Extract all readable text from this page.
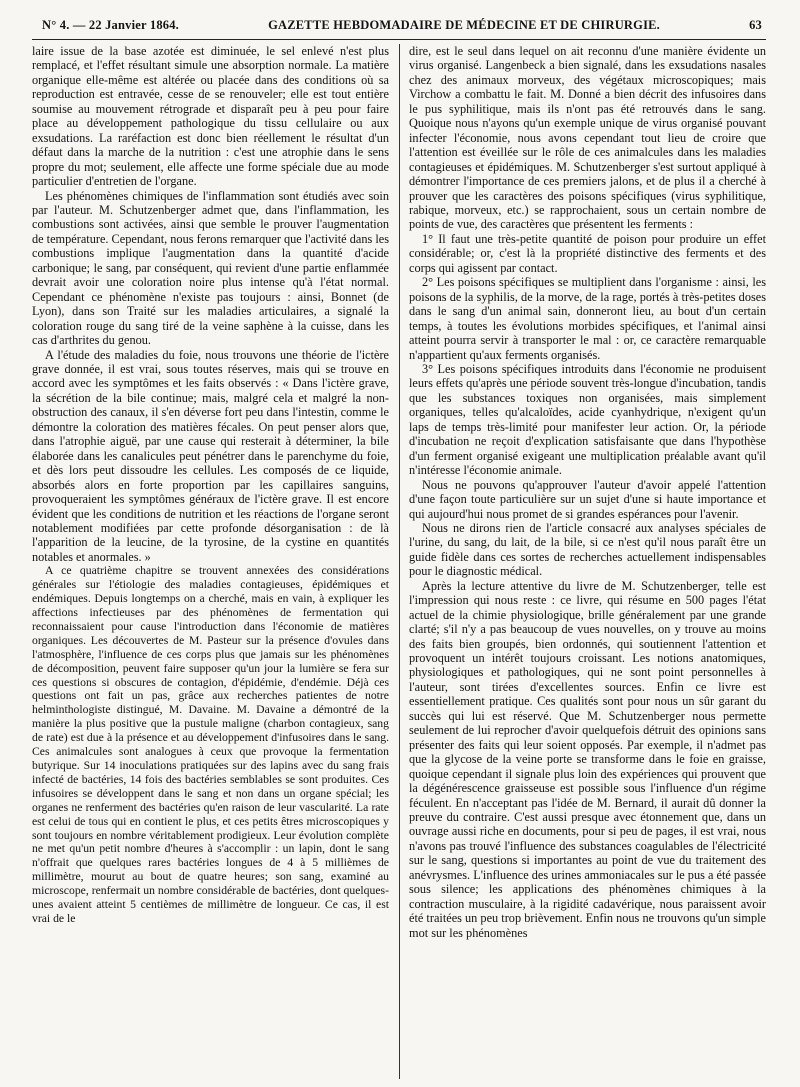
N° 4. — 22 Janvier 1864.	GAZETTE HEBDOMADAIRE DE MÉDECINE ET DE CHIRURGIE.	63

laire issue de la base azotée est diminuée, le sel enlevé n'est plus remplacé, et l'effet résultant simule une absorption normale. La matière organique elle-même est altérée ou placée dans des conditions où sa reproduction est entravée, cesse de se renouveler; elle est tout entière soumise au mouvement rétrograde et disparaît peu à peu pour faire place au développement pathologique du tissu cellulaire ou aux exsudations. La raréfaction est donc bien réellement le résultat d'un défaut dans la marche de la nutrition : c'est une atrophie dans le sens propre du mot; seulement, elle affecte une forme spéciale due au mode particulier d'entretien de l'organe.

Les phénomènes chimiques de l'inflammation sont étudiés avec soin par l'auteur. M. Schutzenberger admet que, dans l'inflammation, les combustions sont activées, ainsi que semble le prouver l'augmentation de température. Cependant, nous ferons remarquer que l'activité dans les combustions implique l'augmentation dans la quantité d'acide carbonique; le sang, par conséquent, qui revient d'une partie enflammée devrait avoir une coloration noire plus intense qu'à l'état normal. Cependant ce phénomène n'existe pas toujours : ainsi, Bonnet (de Lyon), dans son Traité sur les maladies articulaires, a signalé la coloration rouge du sang tiré de la veine saphène à la cuisse, dans les cas d'arthrites du genou.

A l'étude des maladies du foie, nous trouvons une théorie de l'ictère grave donnée, il est vrai, sous toutes réserves, mais qui se trouve en accord avec les symptômes et les faits observés : « Dans l'ictère grave, la sécrétion de la bile continue; mais, malgré cela et malgré la non-obstruction des canaux, il s'en déverse fort peu dans l'intestin, comme le démontre la coloration des matières fécales. On peut penser alors que, dans l'atrophie aiguë, par une cause qui resterait à déterminer, la bile élaborée dans les canalicules peut pénétrer dans le parenchyme du foie, et dès lors peut dissoudre les cellules. Les composés de ce liquide, absorbés alors en forte proportion par les capillaires sanguins, provoqueraient les symptômes généraux de l'ictère grave. Il est encore évident que les conditions de nutrition et les réactions de l'organe seront notablement modifiées par cette profonde désorganisation : de là l'apparition de la leucine, de la tyrosine, de la cystine en quantités notables et anormales. »

A ce quatrième chapitre se trouvent annexées des considérations générales sur l'étiologie des maladies contagieuses, épidémiques et endémiques. Depuis longtemps on a cherché, mais en vain, à expliquer les affections infectieuses par des phénomènes de fermentation qui reconnaissaient pour cause l'introduction dans l'économie de matières organiques. Les découvertes de M. Pasteur sur la présence d'ovules dans l'atmosphère, l'influence de ces corps plus que jamais sur les phénomènes de décomposition, peuvent faire supposer qu'un jour la lumière se fera sur ces questions si obscures de contagion, d'épidémie, d'endémie. Déjà ces questions ont fait un pas, grâce aux recherches patientes de notre helminthologiste distingué, M. Davaine. M. Davaine a démontré de la manière la plus positive que la pustule maligne (charbon contagieux, sang de rate) est due à la présence et au développement d'infusoires dans le sang. Ces animalcules sont analogues à ceux que provoque la fermentation butyrique. Sur 14 inoculations pratiquées sur des lapins avec du sang frais infecté de bactéries, 14 fois des bactéries semblables se sont produites. Ces infusoires se développent dans le sang et non dans un organe spécial; les organes ne renferment des bactéries qu'en raison de leur vascularité. La rate est celui de tous qui en contient le plus, et ces petits êtres microscopiques y sont toujours en nombre véritablement prodigieux. Leur évolution complète ne met qu'un petit nombre d'heures à s'accomplir : un lapin, dont le sang n'offrait que quelques rares bactéries longues de 4 à 5 millièmes de millimètre, mourut au bout de quatre heures; son sang, examiné au microscope, renfermait un nombre considérable de bactéries, dont quelques-unes avaient atteint 5 centièmes de millimètre de longueur. Ce cas, il est vrai de le

dire, est le seul dans lequel on ait reconnu d'une manière évidente un virus organisé. Langenbeck a bien signalé, dans les exsudations nasales chez des animaux morveux, des végétaux microscopiques; mais Virchow a combattu le fait. M. Donné a bien décrit des infusoires dans le pus syphilitique, mais ils n'ont pas été retrouvés dans le sang. Quoique nous n'ayons qu'un exemple unique de virus organisé pouvant infecter l'économie, nous avons cependant tout lieu de croire que l'attention est éveillée sur le rôle de ces animalcules dans les maladies contagieuses et épidémiques. M. Schutzenberger s'est surtout appliqué à démontrer l'importance de ces premiers jalons, et de plus il a cherché à prouver que les caractères des poisons spécifiques (virus syphilitique, rabique, morveux, etc.) se rapprochaient, sous un certain nombre de points de vue, des caractères que présentent les ferments :

1° Il faut une très-petite quantité de poison pour produire un effet considérable; or, c'est là la propriété distinctive des ferments et des corps qui agissent par contact.

2° Les poisons spécifiques se multiplient dans l'organisme : ainsi, les poisons de la syphilis, de la morve, de la rage, portés à très-petites doses dans le sang d'un animal sain, donneront lieu, au bout d'un certain temps, à toutes les évolutions morbides spécifiques, et l'animal ainsi atteint pourra servir à transporter le mal : or, ce caractère remarquable n'appartient qu'aux ferments organisés.

3° Les poisons spécifiques introduits dans l'économie ne produisent leurs effets qu'après une période souvent très-longue d'incubation, tandis que les substances toxiques non organisées, mais simplement organiques, telles qu'alcaloïdes, acide cyanhydrique, n'exigent qu'un laps de temps très-limité pour manifester leur action. Or, la période d'incubation ne reçoit d'explication satisfaisante que dans l'hypothèse d'un ferment organisé exigeant une multiplication préalable avant qu'il n'intéresse l'économie animale.

Nous ne pouvons qu'approuver l'auteur d'avoir appelé l'attention d'une façon toute particulière sur un sujet d'une si haute importance et qui aujourd'hui nous promet de si grandes espérances pour l'avenir.

Nous ne dirons rien de l'article consacré aux analyses spéciales de l'urine, du sang, du lait, de la bile, si ce n'est qu'il nous paraît être un guide fidèle dans ces sortes de recherches actuellement indispensables pour le diagnostic médical.

Après la lecture attentive du livre de M. Schutzenberger, telle est l'impression qui nous reste : ce livre, qui résume en 500 pages l'état actuel de la chimie physiologique, brille généralement par une grande clarté; s'il n'y a pas beaucoup de vues nouvelles, on y trouve au moins des faits bien groupés, bien ordonnés, qui soutiennent l'attention et provoquent un intérêt toujours croissant. Les notions anatomiques, physiologiques et pathologiques, qui ne sont point personnelles à l'auteur, sont tirées d'excellentes sources. Enfin ce livre est essentiellement pratique. Ces qualités sont pour nous un sûr garant du succès qui lui est réservé. Que M. Schutzenberger nous permette seulement de lui reprocher d'avoir quelquefois détruit des opinions sans présenter des faits qui leur soient opposés. Par exemple, il n'admet pas que la glycose de la veine porte se transforme dans le foie en graisse, quoique cependant il signale plus loin des expériences qui prouvent que la dégénérescence graisseuse est possible sous l'influence d'un régime féculent. En n'acceptant pas l'idée de M. Bernard, il aurait dû donner la preuve du contraire. C'est aussi presque avec étonnement que, dans un ouvrage aussi riche en documents, pour si peu de pages, il est vrai, nous n'avons pas trouvé l'influence des substances coagulables de l'électricité sur le sang, questions si importantes au point de vue du traitement des anévrysmes. L'influence des urines ammoniacales sur le pus a été passée sous silence; les applications des phénomènes chimiques à la contraction musculaire, à la rigidité cadavérique, nous paraissent avoir été traitées un peu trop brièvement. Enfin nous ne trouvons qu'un simple mot sur les phénomènes
